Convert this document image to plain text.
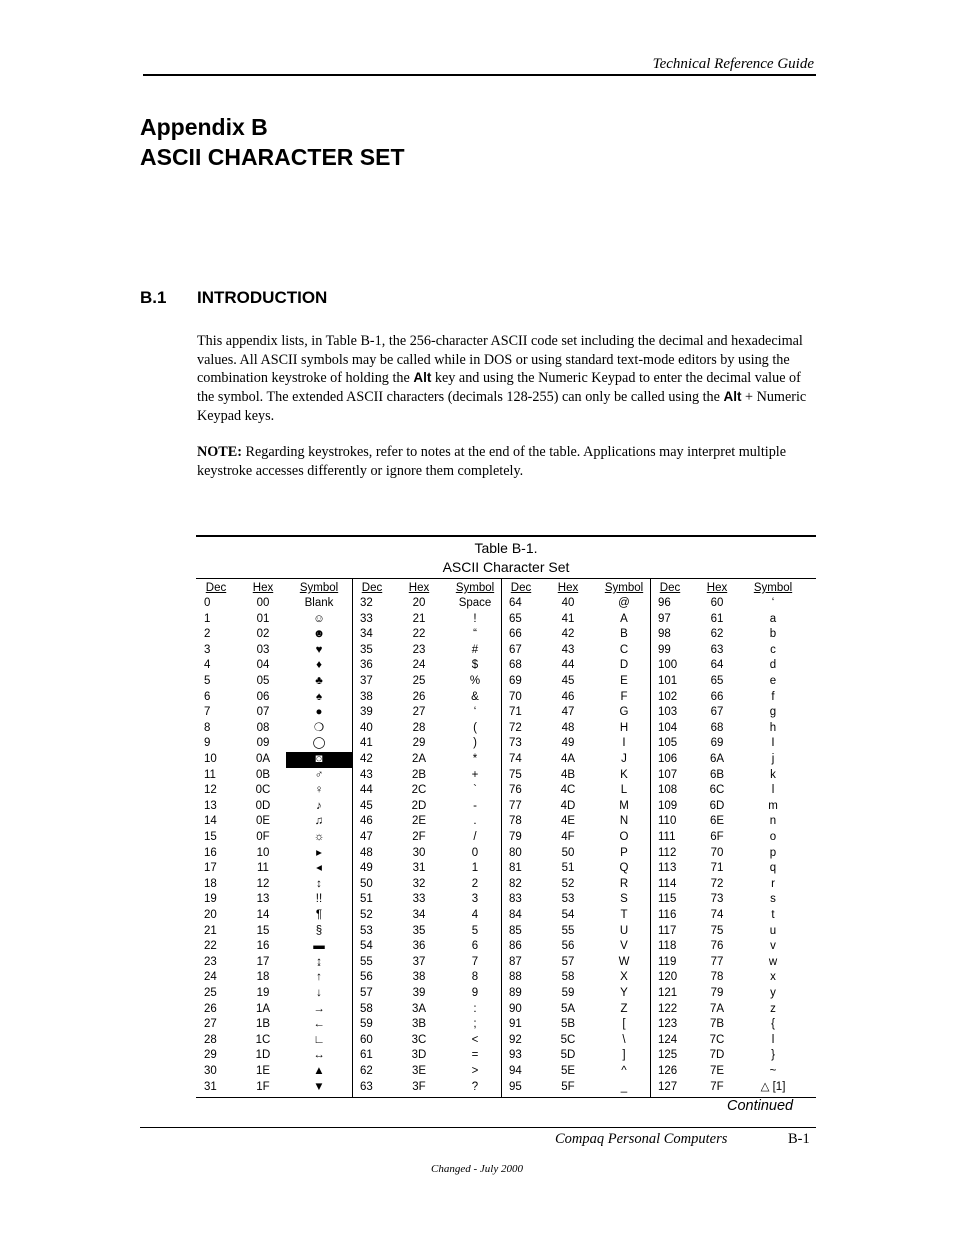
Technical Reference Guide
Appendix B
ASCII CHARACTER SET
B.1 INTRODUCTION
This appendix lists, in Table B-1, the 256-character ASCII code set including the decimal and hexadecimal values. All ASCII symbols may be called while in DOS or using standard text-mode editors by using the combination keystroke of holding the Alt key and using the Numeric Keypad to enter the decimal value of the symbol. The extended ASCII characters (decimals 128-255) can only be called using the Alt + Numeric Keypad keys.
NOTE: Regarding keystrokes, refer to notes at the end of the table. Applications may interpret multiple keystroke accesses differently or ignore them completely.
Table B-1.
ASCII Character Set
Dec	Hex	Symbol
0	00	Blank
1	01	☺
2	02	☻
3	03	♥
4	04	♦
5	05	♣
6	06	♠
7	07	●
8	08	❍
9	09	◯
10	0A	◙
11	0B	♂
12	0C	♀
13	0D	♪
14	0E	♫
15	0F	☼
16	10	▸
17	11	◂
18	12	↕
19	13	!!
20	14	¶
21	15	§
22	16	▬
23	17	↨
24	18	↑
25	19	↓
26	1A	→
27	1B	←
28	1C	∟
29	1D	↔
30	1E	▲
31	1F	▼
Dec	Hex	Symbol
32	20	Space
33	21	!
34	22	“
35	23	#
36	24	$
37	25	%
38	26	&
39	27	‘
40	28	(
41	29	)
42	2A	*
43	2B	+
44	2C	`
45	2D	-
46	2E	.
47	2F	/
48	30	0
49	31	1
50	32	2
51	33	3
52	34	4
53	35	5
54	36	6
55	37	7
56	38	8
57	39	9
58	3A	:
59	3B	;
60	3C	<
61	3D	=
62	3E	>
63	3F	?
Dec	Hex	Symbol
64	40	@
65	41	A
66	42	B
67	43	C
68	44	D
69	45	E
70	46	F
71	47	G
72	48	H
73	49	I
74	4A	J
75	4B	K
76	4C	L
77	4D	M
78	4E	N
79	4F	O
80	50	P
81	51	Q
82	52	R
83	53	S
84	54	T
85	55	U
86	56	V
87	57	W
88	58	X
89	59	Y
90	5A	Z
91	5B	[
92	5C	\
93	5D	]
94	5E	^
95	5F	_
Dec	Hex	Symbol
96	60	‘
97	61	a
98	62	b
99	63	c
100	64	d
101	65	e
102	66	f
103	67	g
104	68	h
105	69	I
106	6A	j
107	6B	k
108	6C	l
109	6D	m
110	6E	n
111	6F	o
112	70	p
113	71	q
114	72	r
115	73	s
116	74	t
117	75	u
118	76	v
119	77	w
120	78	x
121	79	y
122	7A	z
123	7B	{
124	7C	l
125	7D	}
126	7E	~
127	7F	△ [1]
Continued
Compaq Personal Computers	B-1
Changed - July 2000
